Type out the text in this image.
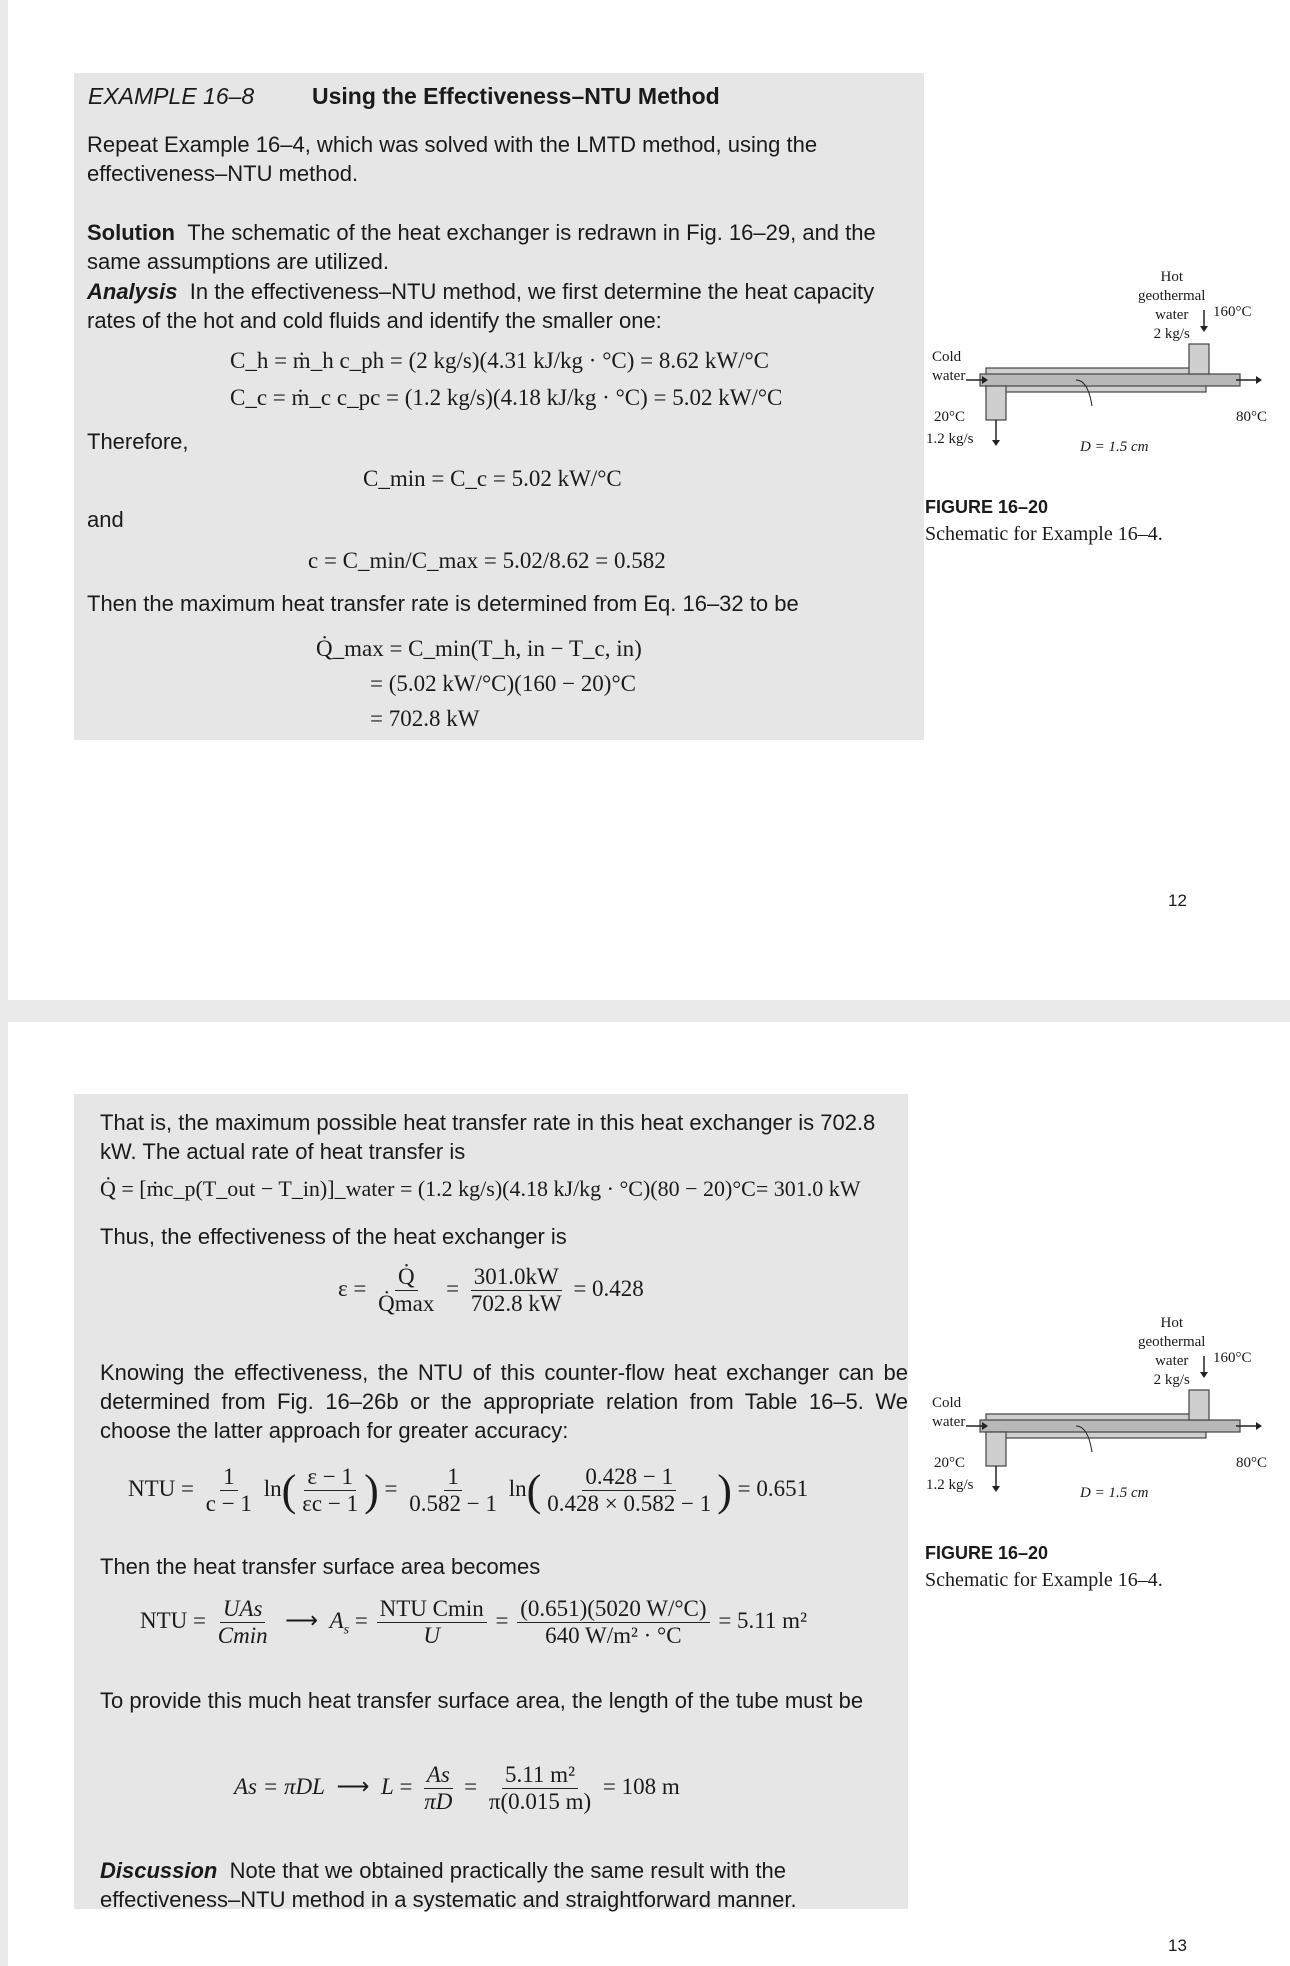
EXAMPLE 16–8	Using the Effectiveness–NTU Method
Repeat Example 16–4, which was solved with the LMTD method, using the effectiveness–NTU method.
Solution The schematic of the heat exchanger is redrawn in Fig. 16–29, and the same assumptions are utilized.
Analysis In the effectiveness–NTU method, we first determine the heat capacity rates of the hot and cold fluids and identify the smaller one:
C_h = ṁ_h c_ph = (2 kg/s)(4.31 kJ/kg · °C) = 8.62 kW/°C
C_c = ṁ_c c_pc = (1.2 kg/s)(4.18 kJ/kg · °C) = 5.02 kW/°C
Therefore,
C_min = C_c = 5.02 kW/°C
and
c = C_min/C_max = 5.02/8.62 = 0.582
Then the maximum heat transfer rate is determined from Eq. 16–32 to be
Q̇_max = C_min(T_h, in − T_c, in)
= (5.02 kW/°C)(160 − 20)°C
= 702.8 kW
Hot
geothermal
water
2 kg/s
160°C
Cold
water
20°C
1.2 kg/s
80°C
D = 1.5 cm
FIGURE 16–20
Schematic for Example 16–4.
12
That is, the maximum possible heat transfer rate in this heat exchanger is 702.8 kW. The actual rate of heat transfer is
Q̇ = [ṁc_p(T_out − T_in)]_water = (1.2 kg/s)(4.18 kJ/kg · °C)(80 − 20)°C= 301.0 kW
Thus, the effectiveness of the heat exchanger is
$\varepsilon = \frac{Q̇}{Q̇\max} = \frac{301.0kW}{702.8 kW} = 0.428$
Knowing the effectiveness, the NTU of this counter-flow heat exchanger can be determined from Fig. 16–26b or the appropriate relation from Table 16–5. We choose the latter approach for greater accuracy:
NTU = $\frac{1}{c - 1} \ln( \frac{\varepsilon - 1}{\varepsilon c - 1}$ ) = $\frac{1}{0.582 - 1} \ln( \frac{0.428 - 1}{0.428 \times 0.582 - 1}$ ) = 0.651
Then the heat transfer surface area becomes
NTU = $\frac{\text{UAs}}{Cmin}$ ⟶  $A_s = \frac{\text{NTU Cmin}}{U} = \frac{(0.651)(5020 W/^\circ C)}{\text{640 W/m² · °C}} = 5.11$ m²
To provide this much heat transfer surface area, the length of the tube must be
As = πDL  ⟶  $L = \frac{As}{\pi D} = \frac{\text{5.11 m²}}{\pi(0.015 m)} = 108$ m
Discussion Note that we obtained practically the same result with the effectiveness–NTU method in a systematic and straightforward manner.
Hot
geothermal
water
2 kg/s
160°C
Cold
water
20°C
1.2 kg/s
80°C
D = 1.5 cm
FIGURE 16–20
Schematic for Example 16–4.
13
